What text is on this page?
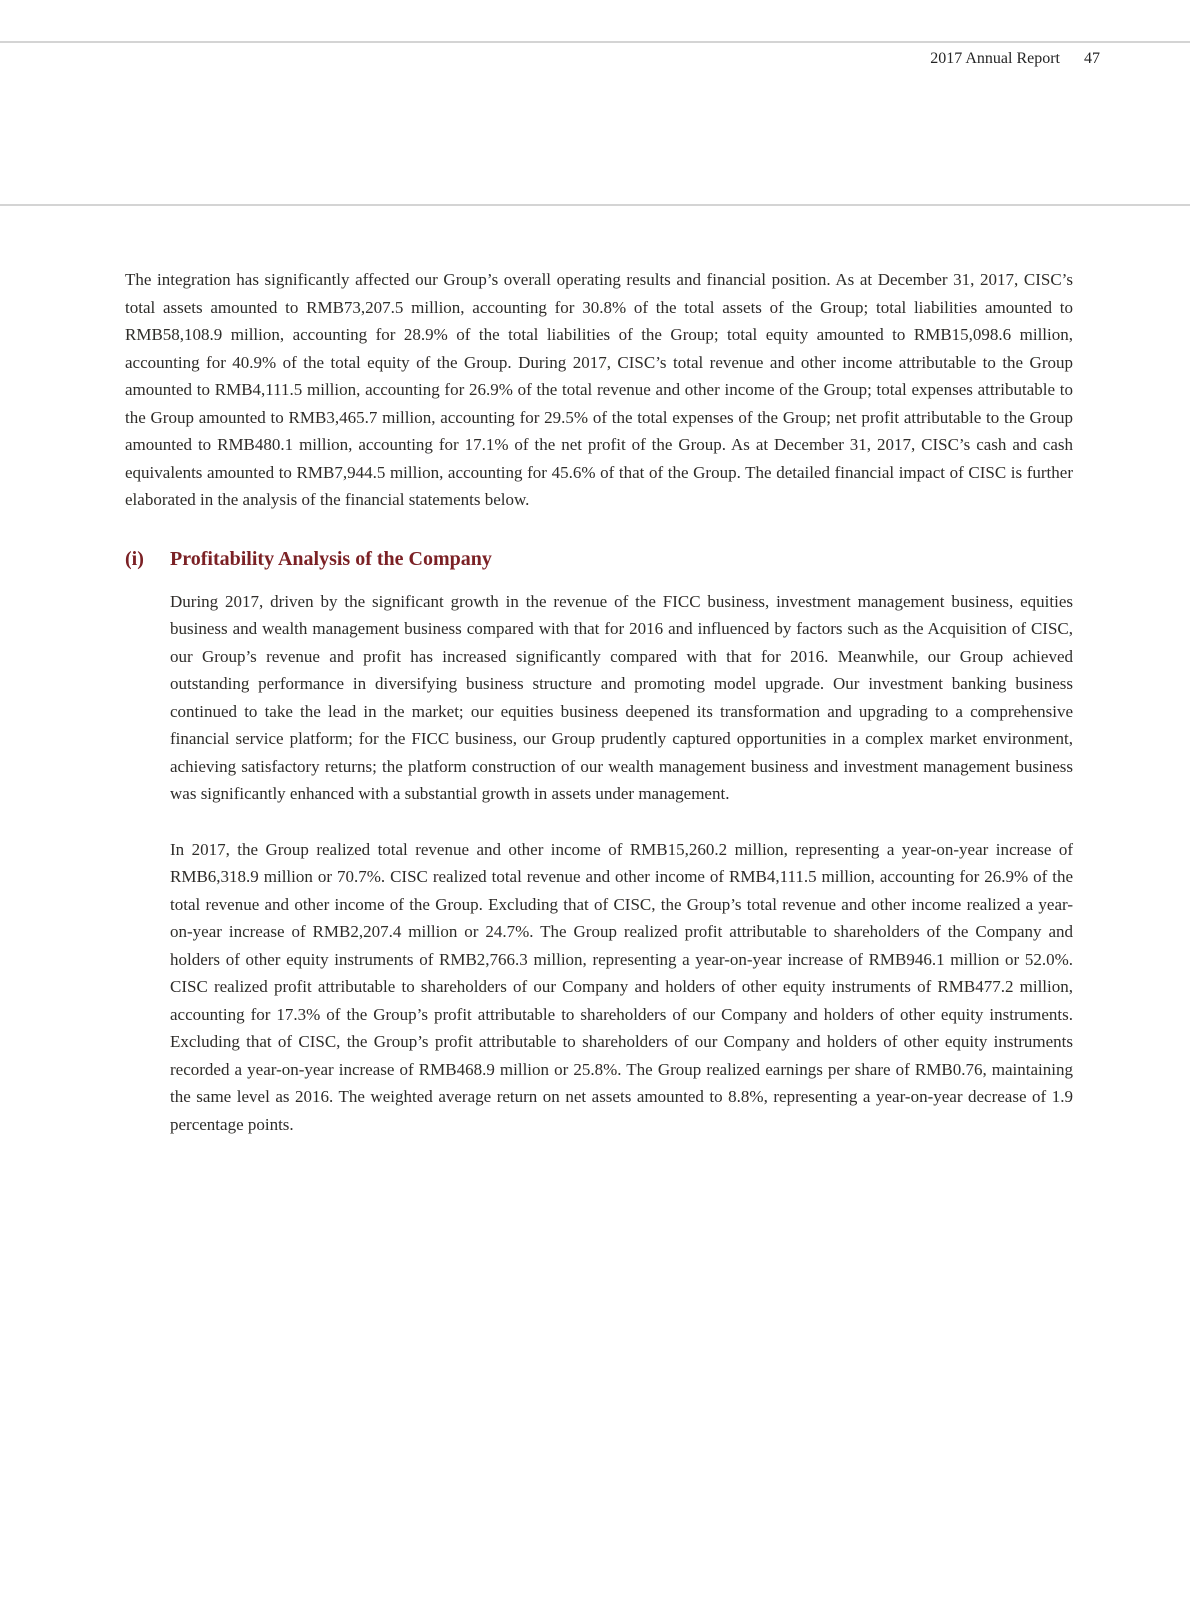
2017 Annual Report 47

The integration has significantly affected our Group’s overall operating results and financial position. As at December 31, 2017, CISC’s total assets amounted to RMB73,207.5 million, accounting for 30.8% of the total assets of the Group; total liabilities amounted to RMB58,108.9 million, accounting for 28.9% of the total liabilities of the Group; total equity amounted to RMB15,098.6 million, accounting for 40.9% of the total equity of the Group. During 2017, CISC’s total revenue and other income attributable to the Group amounted to RMB4,111.5 million, accounting for 26.9% of the total revenue and other income of the Group; total expenses attributable to the Group amounted to RMB3,465.7 million, accounting for 29.5% of the total expenses of the Group; net profit attributable to the Group amounted to RMB480.1 million, accounting for 17.1% of the net profit of the Group. As at December 31, 2017, CISC’s cash and cash equivalents amounted to RMB7,944.5 million, accounting for 45.6% of that of the Group. The detailed financial impact of CISC is further elaborated in the analysis of the financial statements below.

(i)	Profitability Analysis of the Company

During 2017, driven by the significant growth in the revenue of the FICC business, investment management business, equities business and wealth management business compared with that for 2016 and influenced by factors such as the Acquisition of CISC, our Group’s revenue and profit has increased significantly compared with that for 2016. Meanwhile, our Group achieved outstanding performance in diversifying business structure and promoting model upgrade. Our investment banking business continued to take the lead in the market; our equities business deepened its transformation and upgrading to a comprehensive financial service platform; for the FICC business, our Group prudently captured opportunities in a complex market environment, achieving satisfactory returns; the platform construction of our wealth management business and investment management business was significantly enhanced with a substantial growth in assets under management.

In 2017, the Group realized total revenue and other income of RMB15,260.2 million, representing a year-on-year increase of RMB6,318.9 million or 70.7%. CISC realized total revenue and other income of RMB4,111.5 million, accounting for 26.9% of the total revenue and other income of the Group. Excluding that of CISC, the Group’s total revenue and other income realized a year-on-year increase of RMB2,207.4 million or 24.7%. The Group realized profit attributable to shareholders of the Company and holders of other equity instruments of RMB2,766.3 million, representing a year-on-year increase of RMB946.1 million or 52.0%. CISC realized profit attributable to shareholders of our Company and holders of other equity instruments of RMB477.2 million, accounting for 17.3% of the Group’s profit attributable to shareholders of our Company and holders of other equity instruments. Excluding that of CISC, the Group’s profit attributable to shareholders of our Company and holders of other equity instruments recorded a year-on-year increase of RMB468.9 million or 25.8%. The Group realized earnings per share of RMB0.76, maintaining the same level as 2016. The weighted average return on net assets amounted to 8.8%, representing a year-on-year decrease of 1.9 percentage points.
